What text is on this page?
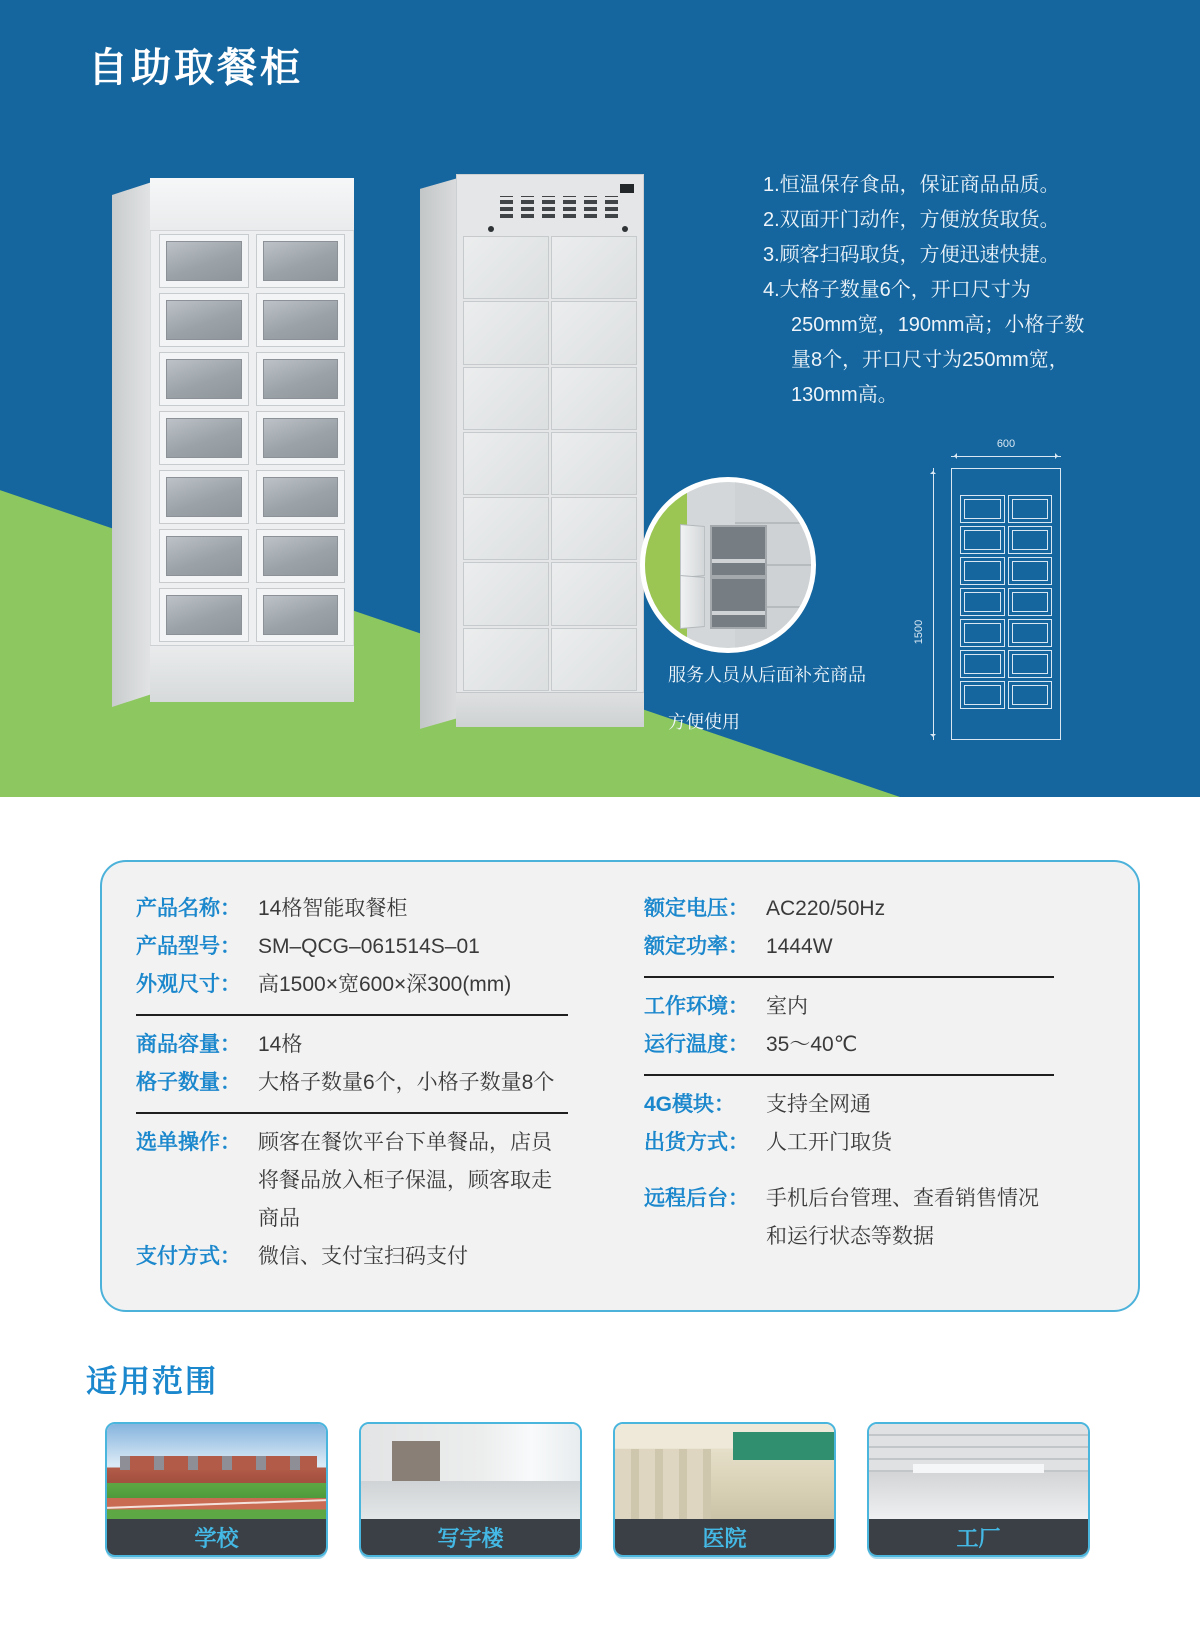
自助取餐柜

服务人员从后面补充商品
方便使用

1.恒温保存食品，保证商品品质。
2.双面开门动作，方便放货取货。
3.顾客扫码取货，方便迅速快捷。
4.大格子数量6个，开口尺寸为250mm宽，190mm高；小格子数量8个，开口尺寸为250mm宽，130mm高。
600
1500
产品名称： 14格智能取餐柜
产品型号： SM–QCG–061514S–01
外观尺寸： 高1500×宽600×深300(mm)
商品容量： 14格
格子数量： 大格子数量6个，小格子数量8个
选单操作： 顾客在餐饮平台下单餐品，店员将餐品放入柜子保温，顾客取走商品
支付方式： 微信、支付宝扫码支付
额定电压： AC220/50Hz
额定功率： 1444W
工作环境： 室内
运行温度： 35～40℃
4G模块：	支持全网通
出货方式： 人工开门取货
远程后台： 手机后台管理、查看销售情况和运行状态等数据
适用范围
学校	写字楼	医院	工厂
